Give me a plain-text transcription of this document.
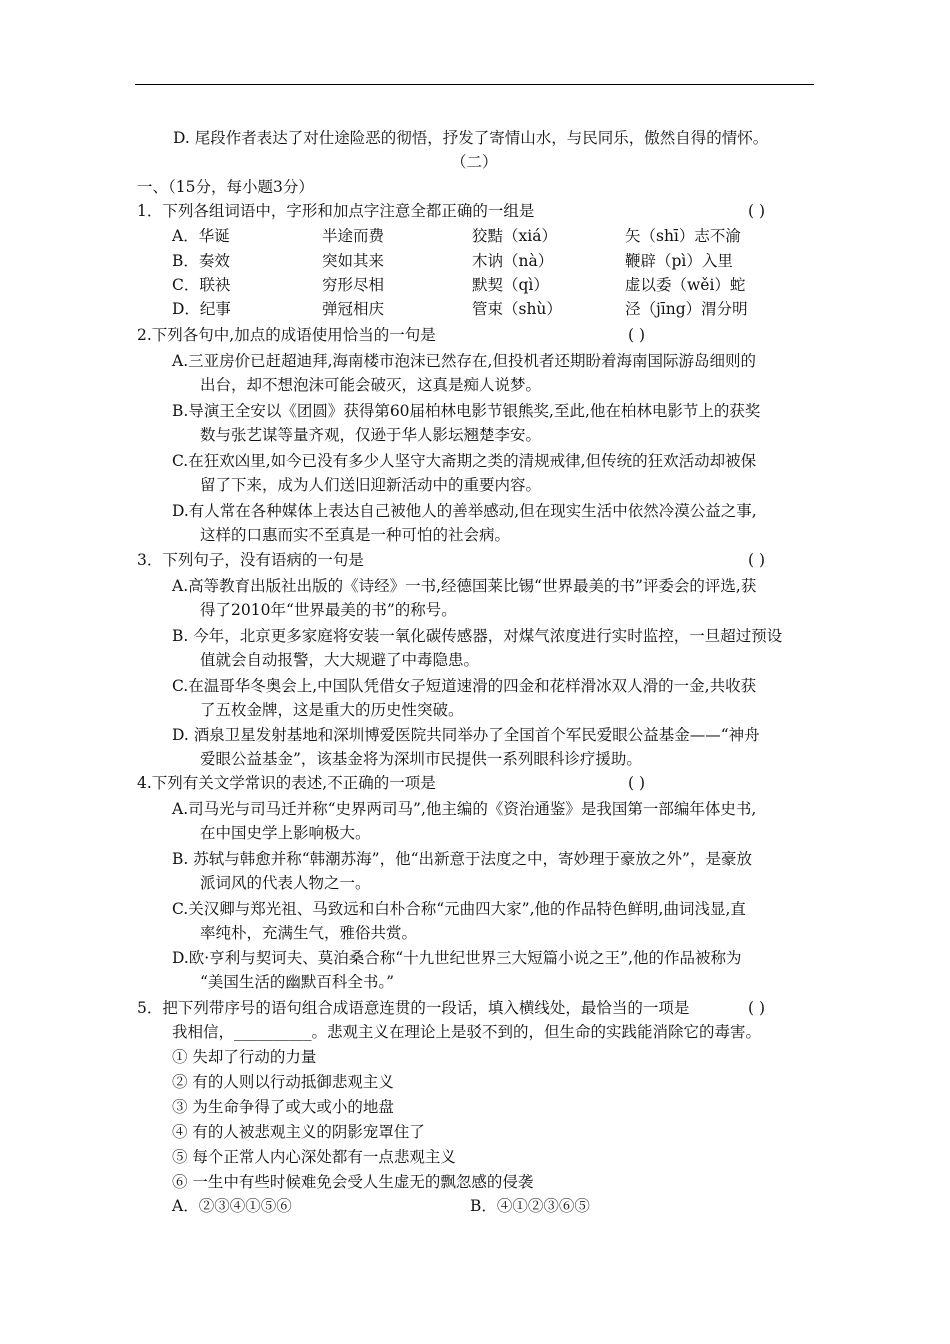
D. 尾段作者表达了对仕途险恶的彻悟，抒发了寄情山水，与民同乐，傲然自得的情怀。
（二）
一、（15分，每小题3分）
1．下列各组词语中，字形和加点字注意全都正确的一组是	( )
A．华诞	半途而费	狡黠（xiá）	矢（shī）志不渝
B．奏效	突如其来	木讷（nà）	鞭辟（pì）入里
C．联袂	穷形尽相	默契（qì）	虚以委（wěi）蛇
D．纪事	弹冠相庆	管束（shù）	泾（jīng）渭分明
2.下列各句中,加点的成语使用恰当的一句是	( )
A.三亚房价已赶超迪拜,海南楼市泡沫已然存在,但投机者还期盼着海南国际游岛细则的
出台，却不想泡沫可能会破灭，这真是痴人说梦。
B.导演王全安以《团圆》获得第60届柏林电影节银熊奖,至此,他在柏林电影节上的获奖
数与张艺谋等量齐观，仅逊于华人影坛翘楚李安。
C.在狂欢凶里,如今已没有多少人坚守大斋期之类的清规戒律,但传统的狂欢活动却被保
留了下来，成为人们送旧迎新活动中的重要内容。
D.有人常在各种媒体上表达自己被他人的善举感动,但在现实生活中依然冷漠公益之事,
这样的口惠而实不至真是一种可怕的社会病。
3．下列句子，没有语病的一句是	( )
A.高等教育出版社出版的《诗经》一书,经德国莱比锡“世界最美的书”评委会的评选,获
得了2010年“世界最美的书”的称号。
B. 今年，北京更多家庭将安装一氧化碳传感器，对煤气浓度进行实时监控，一旦超过预设
值就会自动报警，大大规避了中毒隐患。
C.在温哥华冬奥会上,中国队凭借女子短道速滑的四金和花样滑冰双人滑的一金,共收获
了五枚金牌，这是重大的历史性突破。
D. 酒泉卫星发射基地和深圳博爱医院共同举办了全国首个军民爱眼公益基金——“神舟
爱眼公益基金”，该基金将为深圳市民提供一系列眼科诊疗援助。
4.下列有关文学常识的表述,不正确的一项是	( )
A.司马光与司马迁并称“史界两司马”,他主编的《资治通鉴》是我国第一部编年体史书,
在中国史学上影响极大。
B. 苏轼与韩愈并称“韩潮苏海”，他“出新意于法度之中，寄妙理于豪放之外”，是豪放
派词风的代表人物之一。
C.关汉卿与郑光祖、马致远和白朴合称“元曲四大家”,他的作品特色鲜明,曲词浅显,直
率纯朴，充满生气，雅俗共赏。
D.欧·亨利与契诃夫、莫泊桑合称“十九世纪世界三大短篇小说之王”,他的作品被称为
“美国生活的幽默百科全书。”
5．把下列带序号的语句组合成语意连贯的一段话，填入横线处，最恰当的一项是	( )
我相信，__________。悲观主义在理论上是驳不到的，但生命的实践能消除它的毒害。
① 失却了行动的力量
② 有的人则以行动抵御悲观主义
③ 为生命争得了或大或小的地盘
④ 有的人被悲观主义的阴影宠罩住了
⑤ 每个正常人内心深处都有一点悲观主义
⑥ 一生中有些时候难免会受人生虚无的飘忽感的侵袭
A．②③④①⑤⑥	B．④①②③⑥⑤
